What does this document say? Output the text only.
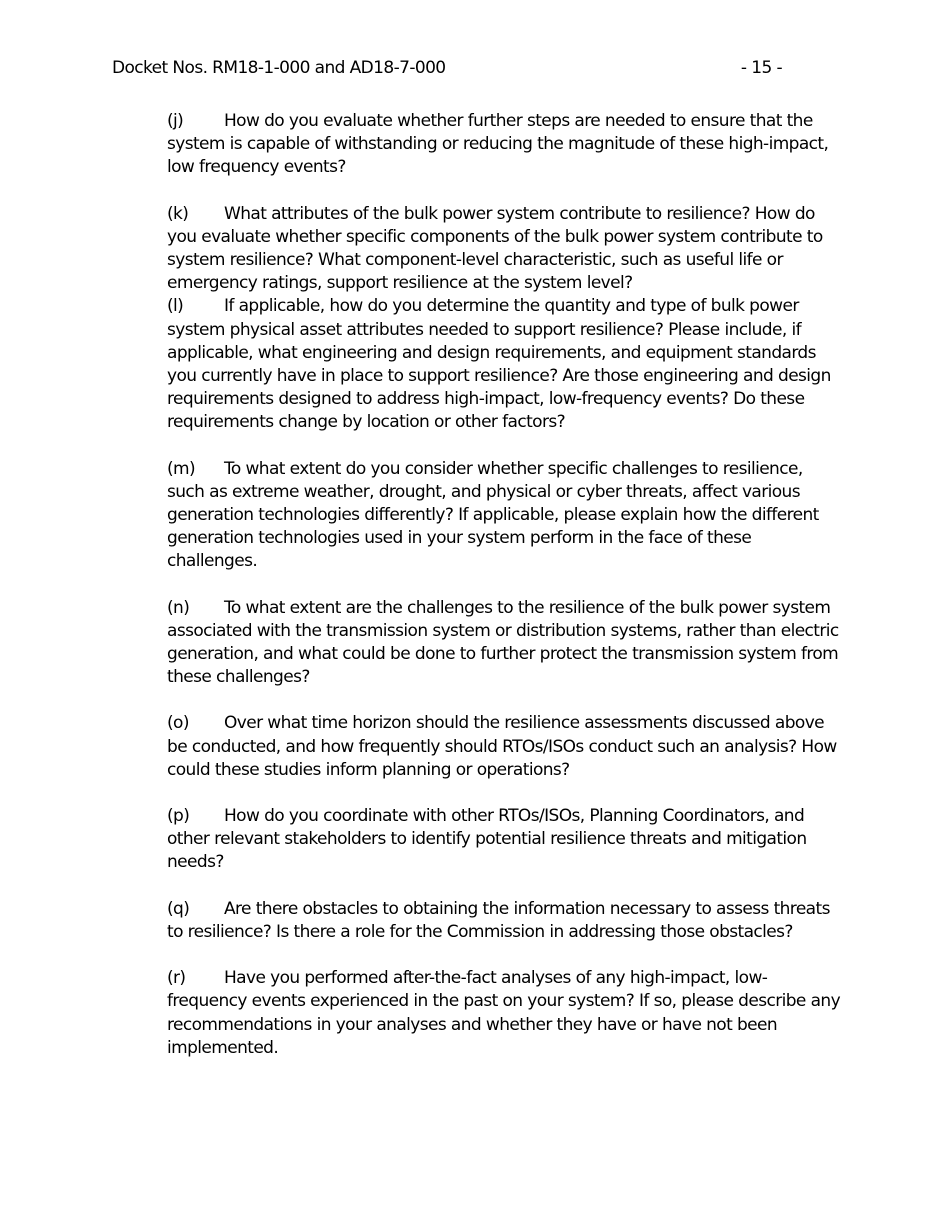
Docket Nos. RM18-1-000 and AD18-7-000	- 15 -

(j) How do you evaluate whether further steps are needed to ensure that the system is capable of withstanding or reducing the magnitude of these high-impact, low frequency events?

(k) What attributes of the bulk power system contribute to resilience? How do you evaluate whether specific components of the bulk power system contribute to system resilience? What component-level characteristic, such as useful life or emergency ratings, support resilience at the system level?

(l) If applicable, how do you determine the quantity and type of bulk power system physical asset attributes needed to support resilience? Please include, if applicable, what engineering and design requirements, and equipment standards you currently have in place to support resilience? Are those engineering and design requirements designed to address high-impact, low-frequency events? Do these requirements change by location or other factors?

(m) To what extent do you consider whether specific challenges to resilience, such as extreme weather, drought, and physical or cyber threats, affect various generation technologies differently? If applicable, please explain how the different generation technologies used in your system perform in the face of these challenges.

(n) To what extent are the challenges to the resilience of the bulk power system associated with the transmission system or distribution systems, rather than electric generation, and what could be done to further protect the transmission system from these challenges?

(o) Over what time horizon should the resilience assessments discussed above be conducted, and how frequently should RTOs/ISOs conduct such an analysis? How could these studies inform planning or operations?

(p) How do you coordinate with other RTOs/ISOs, Planning Coordinators, and other relevant stakeholders to identify potential resilience threats and mitigation needs?

(q) Are there obstacles to obtaining the information necessary to assess threats to resilience? Is there a role for the Commission in addressing those obstacles?

(r) Have you performed after-the-fact analyses of any high-impact, low-frequency events experienced in the past on your system? If so, please describe any recommendations in your analyses and whether they have or have not been implemented.
